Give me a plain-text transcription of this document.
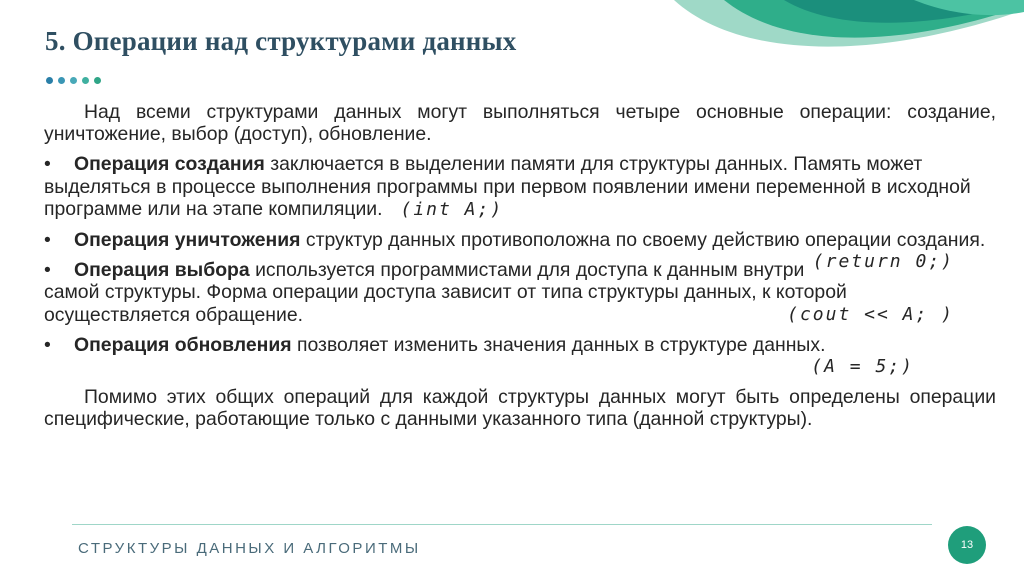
5. Операции над структурами данных

Над всеми структурами данных могут выполняться четыре основные операции: создание, уничтожение, выбор (доступ), обновление.

• Операция создания заключается в выделении памяти для структуры данных. Память может выделяться в процессе выполнения программы при первом появлении имени переменной в исходной программе или на этапе компиляции. (int A;)

• Операция уничтожения структур данных противоположна по своему действию операции создания.
(return 0;)

• Операция выбора используется программистами для доступа к данным внутри самой структуры. Форма операции доступа зависит от типа структуры данных, к которой осуществляется обращение.	(cout << A; )

• Операция обновления позволяет изменить значения данных в структуре данных.
(A = 5;)

Помимо этих общих операций для каждой структуры данных могут быть определены операции специфические, работающие только с данными указанного типа (данной структуры).

СТРУКТУРЫ ДАННЫХ И АЛГОРИТМЫ	13
